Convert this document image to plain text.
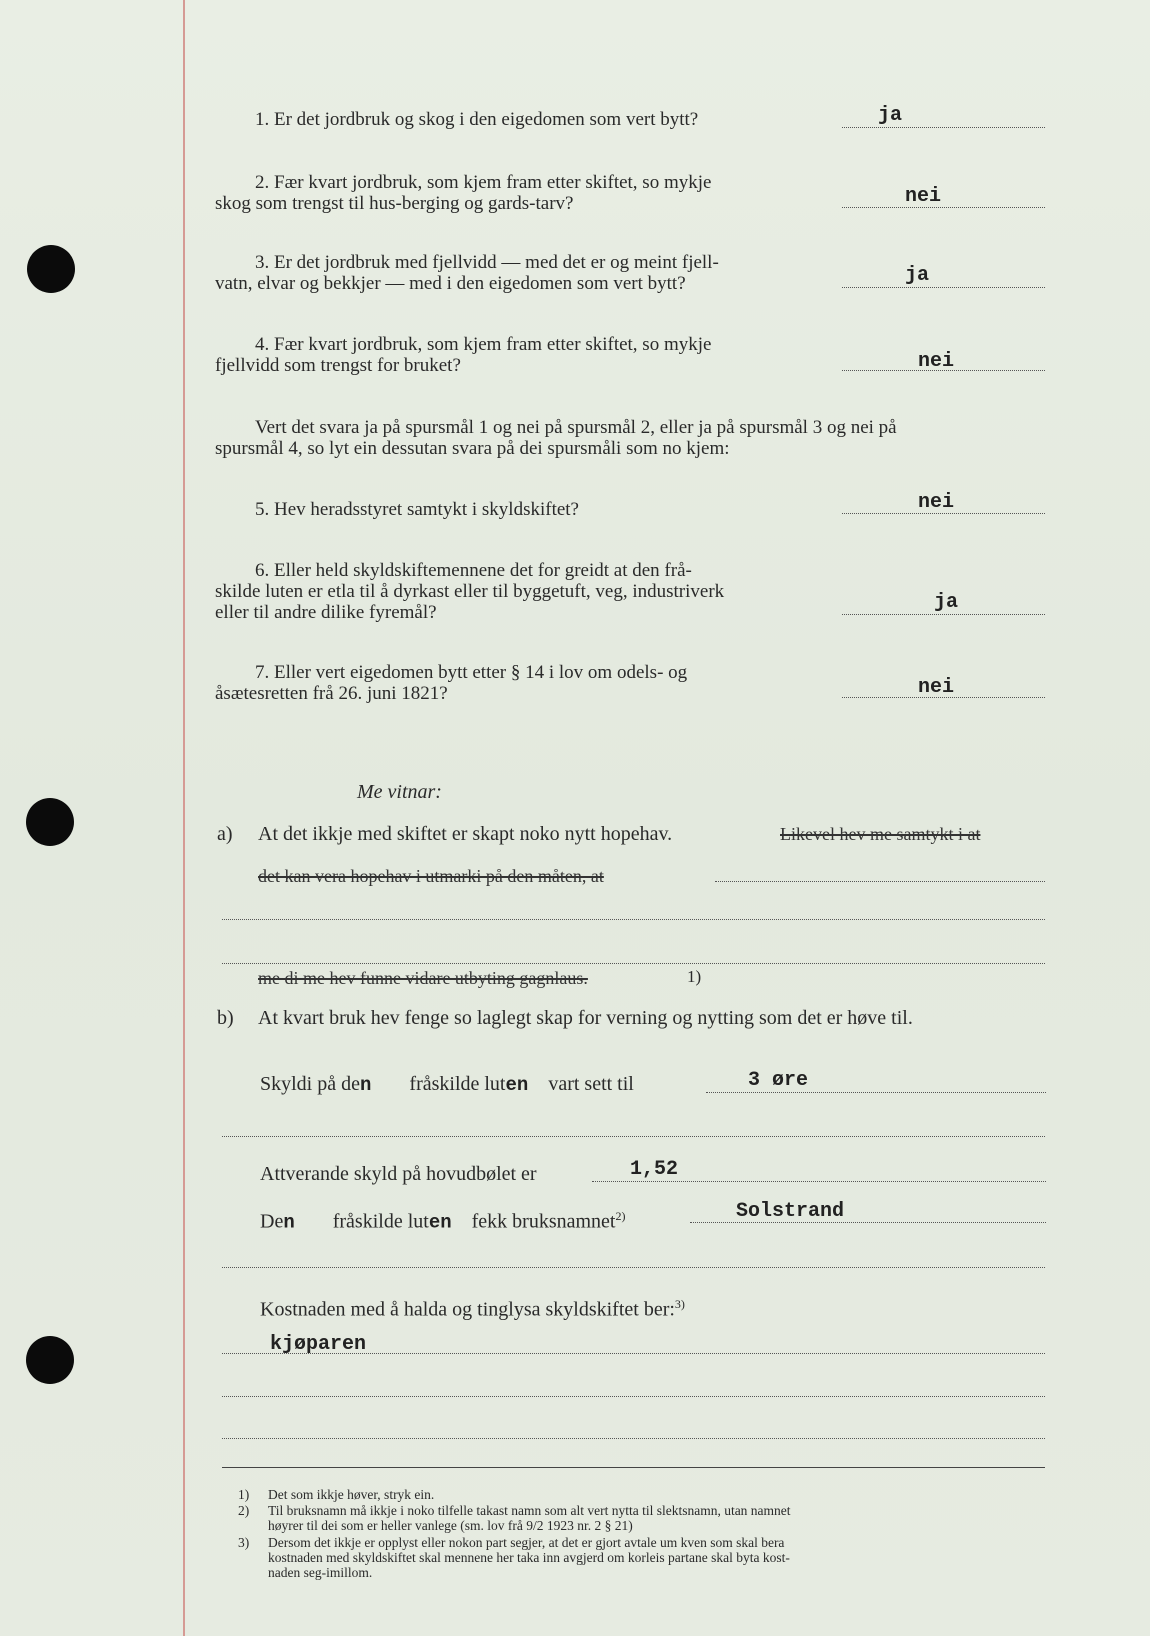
1. Er det jordbruk og skog i den eigedomen som vert bytt?	ja
2. Fær kvart jordbruk, som kjem fram etter skiftet, so mykje
skog som trengst til hus-berging og gards-tarv?	nei
3. Er det jordbruk med fjellvidd — med det er og meint fjell-
vatn, elvar og bekkjer — med i den eigedomen som vert bytt?	ja
4. Fær kvart jordbruk, som kjem fram etter skiftet, so mykje
fjellvidd som trengst for bruket?	nei
Vert det svara ja på spursmål 1 og nei på spursmål 2, eller ja på spursmål 3 og nei på
spursmål 4, so lyt ein dessutan svara på dei spursmåli som no kjem:
5. Hev heradsstyret samtykt i skyldskiftet?	nei
6. Eller held skyldskiftemennene det for greidt at den frå-
skilde luten er etla til å dyrkast eller til byggetuft, veg, industriverk
eller til andre dilike fyremål?	ja
7. Eller vert eigedomen bytt etter § 14 i lov om odels- og
åsætesretten frå 26. juni 1821?	nei
Me vitnar:
a) At det ikkje med skiftet er skapt noko nytt hopehav.	Likevel hev me samtykt i at
det kan vera hopehav i utmarki på den måten, at
me di me hev funne vidare utbyting gagnlaus.	1)
b) At kvart bruk hev fenge so laglegt skap for verning og nytting som det er høve til.
Skyldi på den fråskilde luten vart sett til	3 øre
Attverande skyld på hovudbølet er	1,52
Den fråskilde luten fekk bruksnamnet$^{2)}$	Solstrand
Kostnaden med å halda og tinglysa skyldskiftet ber:$^{3)}$
kjøparen
1) Det som ikkje høver, stryk ein.
2) Til bruksnamn må ikkje i noko tilfelle takast namn som alt vert nytta til slektsnamn, utan namnet
høyrer til dei som er heller vanlege (sm. lov frå 9/2 1923 nr. 2 § 21)
3) Dersom det ikkje er opplyst eller nokon part segjer, at det er gjort avtale um kven som skal bera
kostnaden med skyldskiftet skal mennene her taka inn avgjerd om korleis partane skal byta kost-
naden seg-imillom.
